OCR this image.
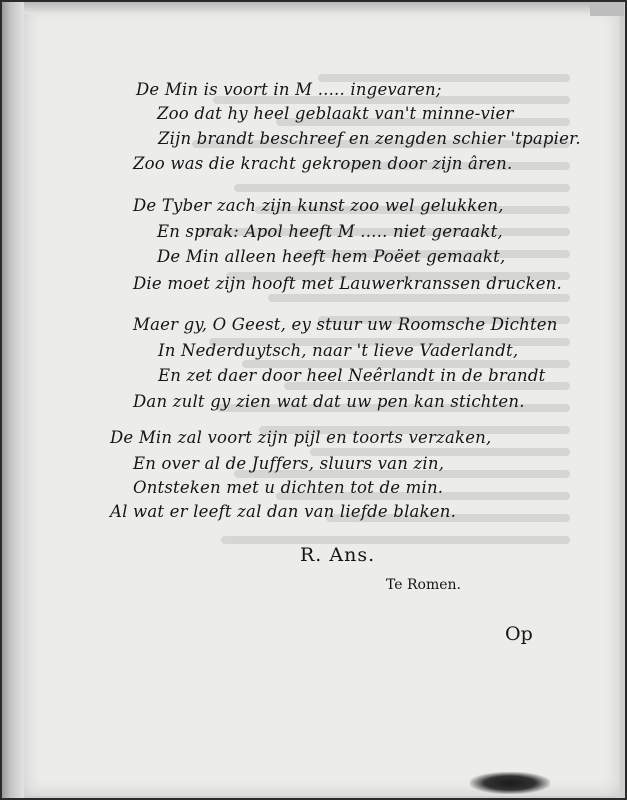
De Min is voort in M ..... ingevaren;
Zoo dat hy heel geblaakt van't minne-vier
Zijn brandt beschreef en zengden schier 'tpapier.
Zoo was die kracht gekropen door zijn âren.
De Tyber zach zijn kunst zoo wel gelukken,
En sprak: Apol heeft M ..... niet geraakt,
De Min alleen heeft hem Poëet gemaakt,
Die moet zijn hooft met Lauwerkranssen drucken.
Maer gy, O Geest, ey stuur uw Roomsche Dichten
In Nederduytsch, naar 't lieve Vaderlandt,
En zet daer door heel Neêrlandt in de brandt
Dan zult gy zien wat dat uw pen kan stichten.
De Min zal voort zijn pijl en toorts verzaken,
En over al de Juffers, sluurs van zin,
Ontsteken met u dichten tot de min.
Al wat er leeft zal dan van liefde blaken.
R. Ans.
Te Romen.
Op
